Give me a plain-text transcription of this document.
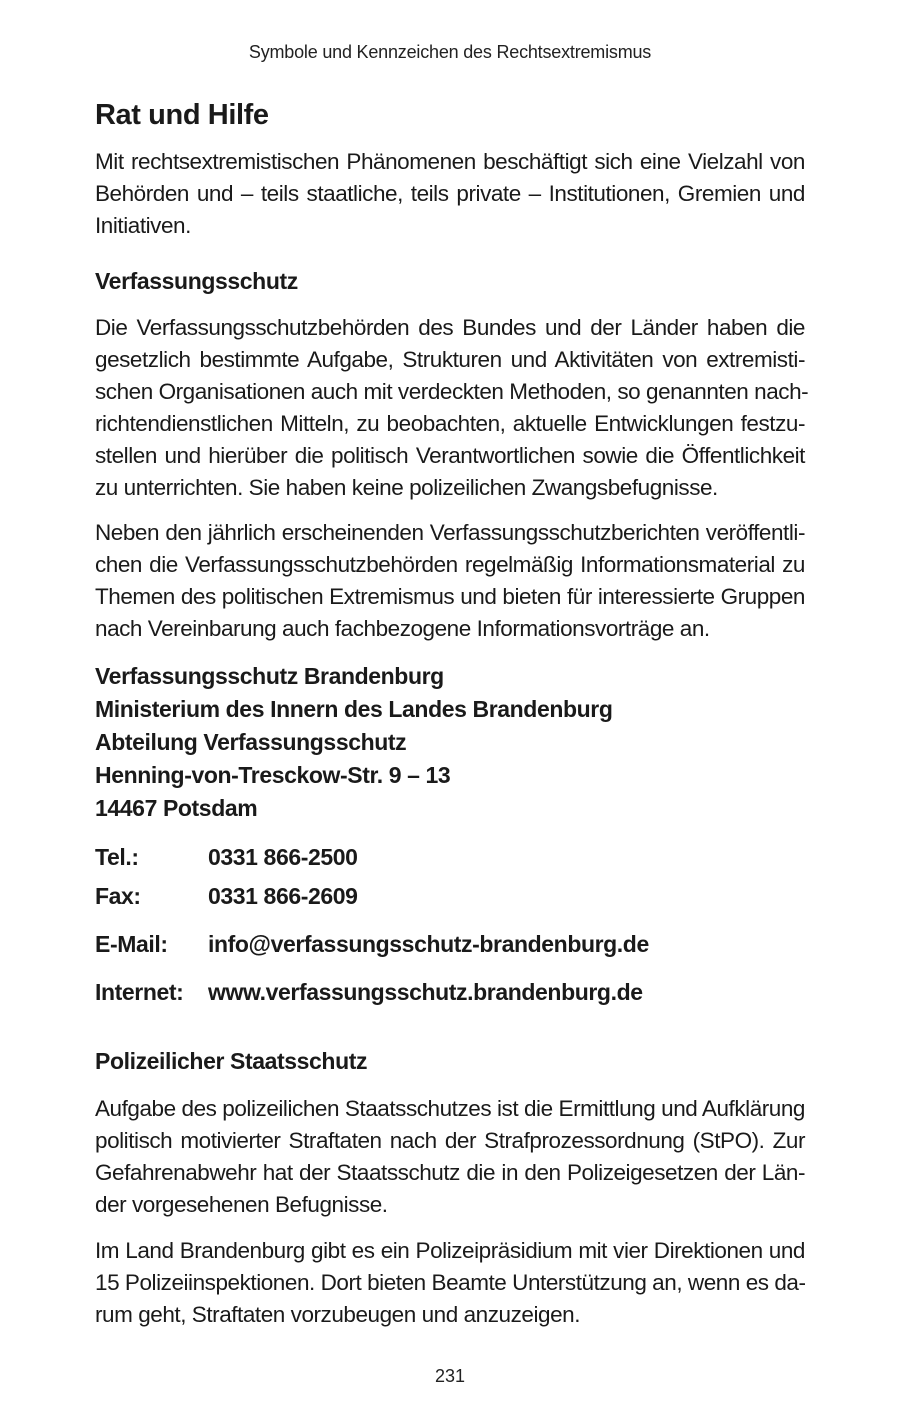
Symbole und Kennzeichen des Rechtsextremismus
Rat und Hilfe

Mit rechtsextremistischen Phänomenen beschäftigt sich eine Vielzahl von
Behörden und – teils staatliche, teils private – Institutionen, Gremien und
Initiativen.

Verfassungsschutz

Die Verfassungsschutzbehörden des Bundes und der Länder haben die
gesetzlich bestimmte Aufgabe, Strukturen und Aktivitäten von extremisti-
schen Organisationen auch mit verdeckten Methoden, so genannten nach-
richtendienstlichen Mitteln, zu beobachten, aktuelle Entwicklungen festzu-
stellen und hierüber die politisch Verantwortlichen sowie die Öffentlichkeit
zu unterrichten. Sie haben keine polizeilichen Zwangsbefugnisse.

Neben den jährlich erscheinenden Verfassungsschutzberichten veröffentli-
chen die Verfassungsschutzbehörden regelmäßig Informationsmaterial zu
Themen des politischen Extremismus und bieten für interessierte Gruppen
nach Vereinbarung auch fachbezogene Informationsvorträge an.

Verfassungsschutz Brandenburg
Ministerium des Innern des Landes Brandenburg
Abteilung Verfassungsschutz
Henning-von-Tresckow-Str. 9 – 13
14467 Potsdam
Tel.:	0331 866-2500
Fax:	0331 866-2609
E-Mail: info@verfassungsschutz-brandenburg.de
Internet: www.verfassungsschutz.brandenburg.de
Polizeilicher Staatsschutz

Aufgabe des polizeilichen Staatsschutzes ist die Ermittlung und Aufklärung
politisch motivierter Straftaten nach der Strafprozessordnung (StPO). Zur
Gefahrenabwehr hat der Staatsschutz die in den Polizeigesetzen der Län-
der vorgesehenen Befugnisse.

Im Land Brandenburg gibt es ein Polizeipräsidium mit vier Direktionen und
15 Polizeiinspektionen. Dort bieten Beamte Unterstützung an, wenn es da-
rum geht, Straftaten vorzubeugen und anzuzeigen.

231
